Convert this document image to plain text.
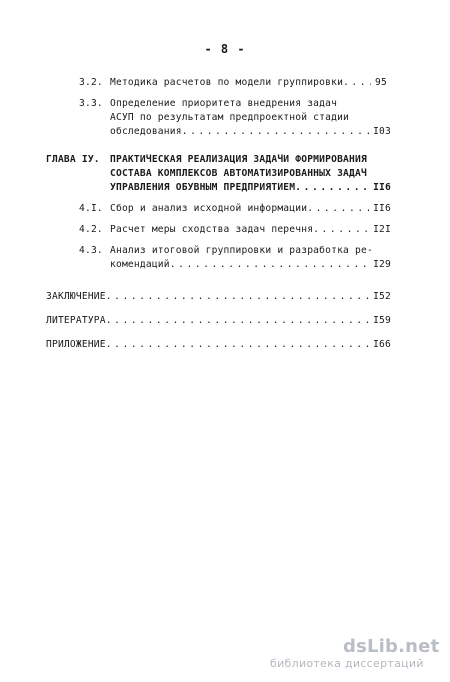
- 8 -
3.2. Методика расчетов по модели группировки . . .	95
3.3. Определение приоритета внедрения задач
АСУП по результатам предпроектной стадии
обследования . . .	I03
ГЛАВА IУ. ПРАКТИЧЕСКАЯ РЕАЛИЗАЦИЯ ЗАДАЧИ ФОРМИРОВАНИЯ
СОСТАВА КОМПЛЕКСОВ АВТОМАТИЗИРОВАННЫХ ЗАДАЧ
УПРАВЛЕНИЯ ОБУВНЫМ ПРЕДПРИЯТИЕМ . . .	II6
4.I. Сбор и анализ исходной информации . . .	II6
4.2. Расчет меры сходства задач перечня . . .	I2I
4.3. Анализ итоговой группировки и разработка ре-
комендаций . . .	I29
ЗАКЛЮЧЕНИЕ . . .	I52
ЛИТЕРАТУРА . . .	I59
ПРИЛОЖЕНИЕ . . .	I66
dsLib.net
библиотека диссертаций
